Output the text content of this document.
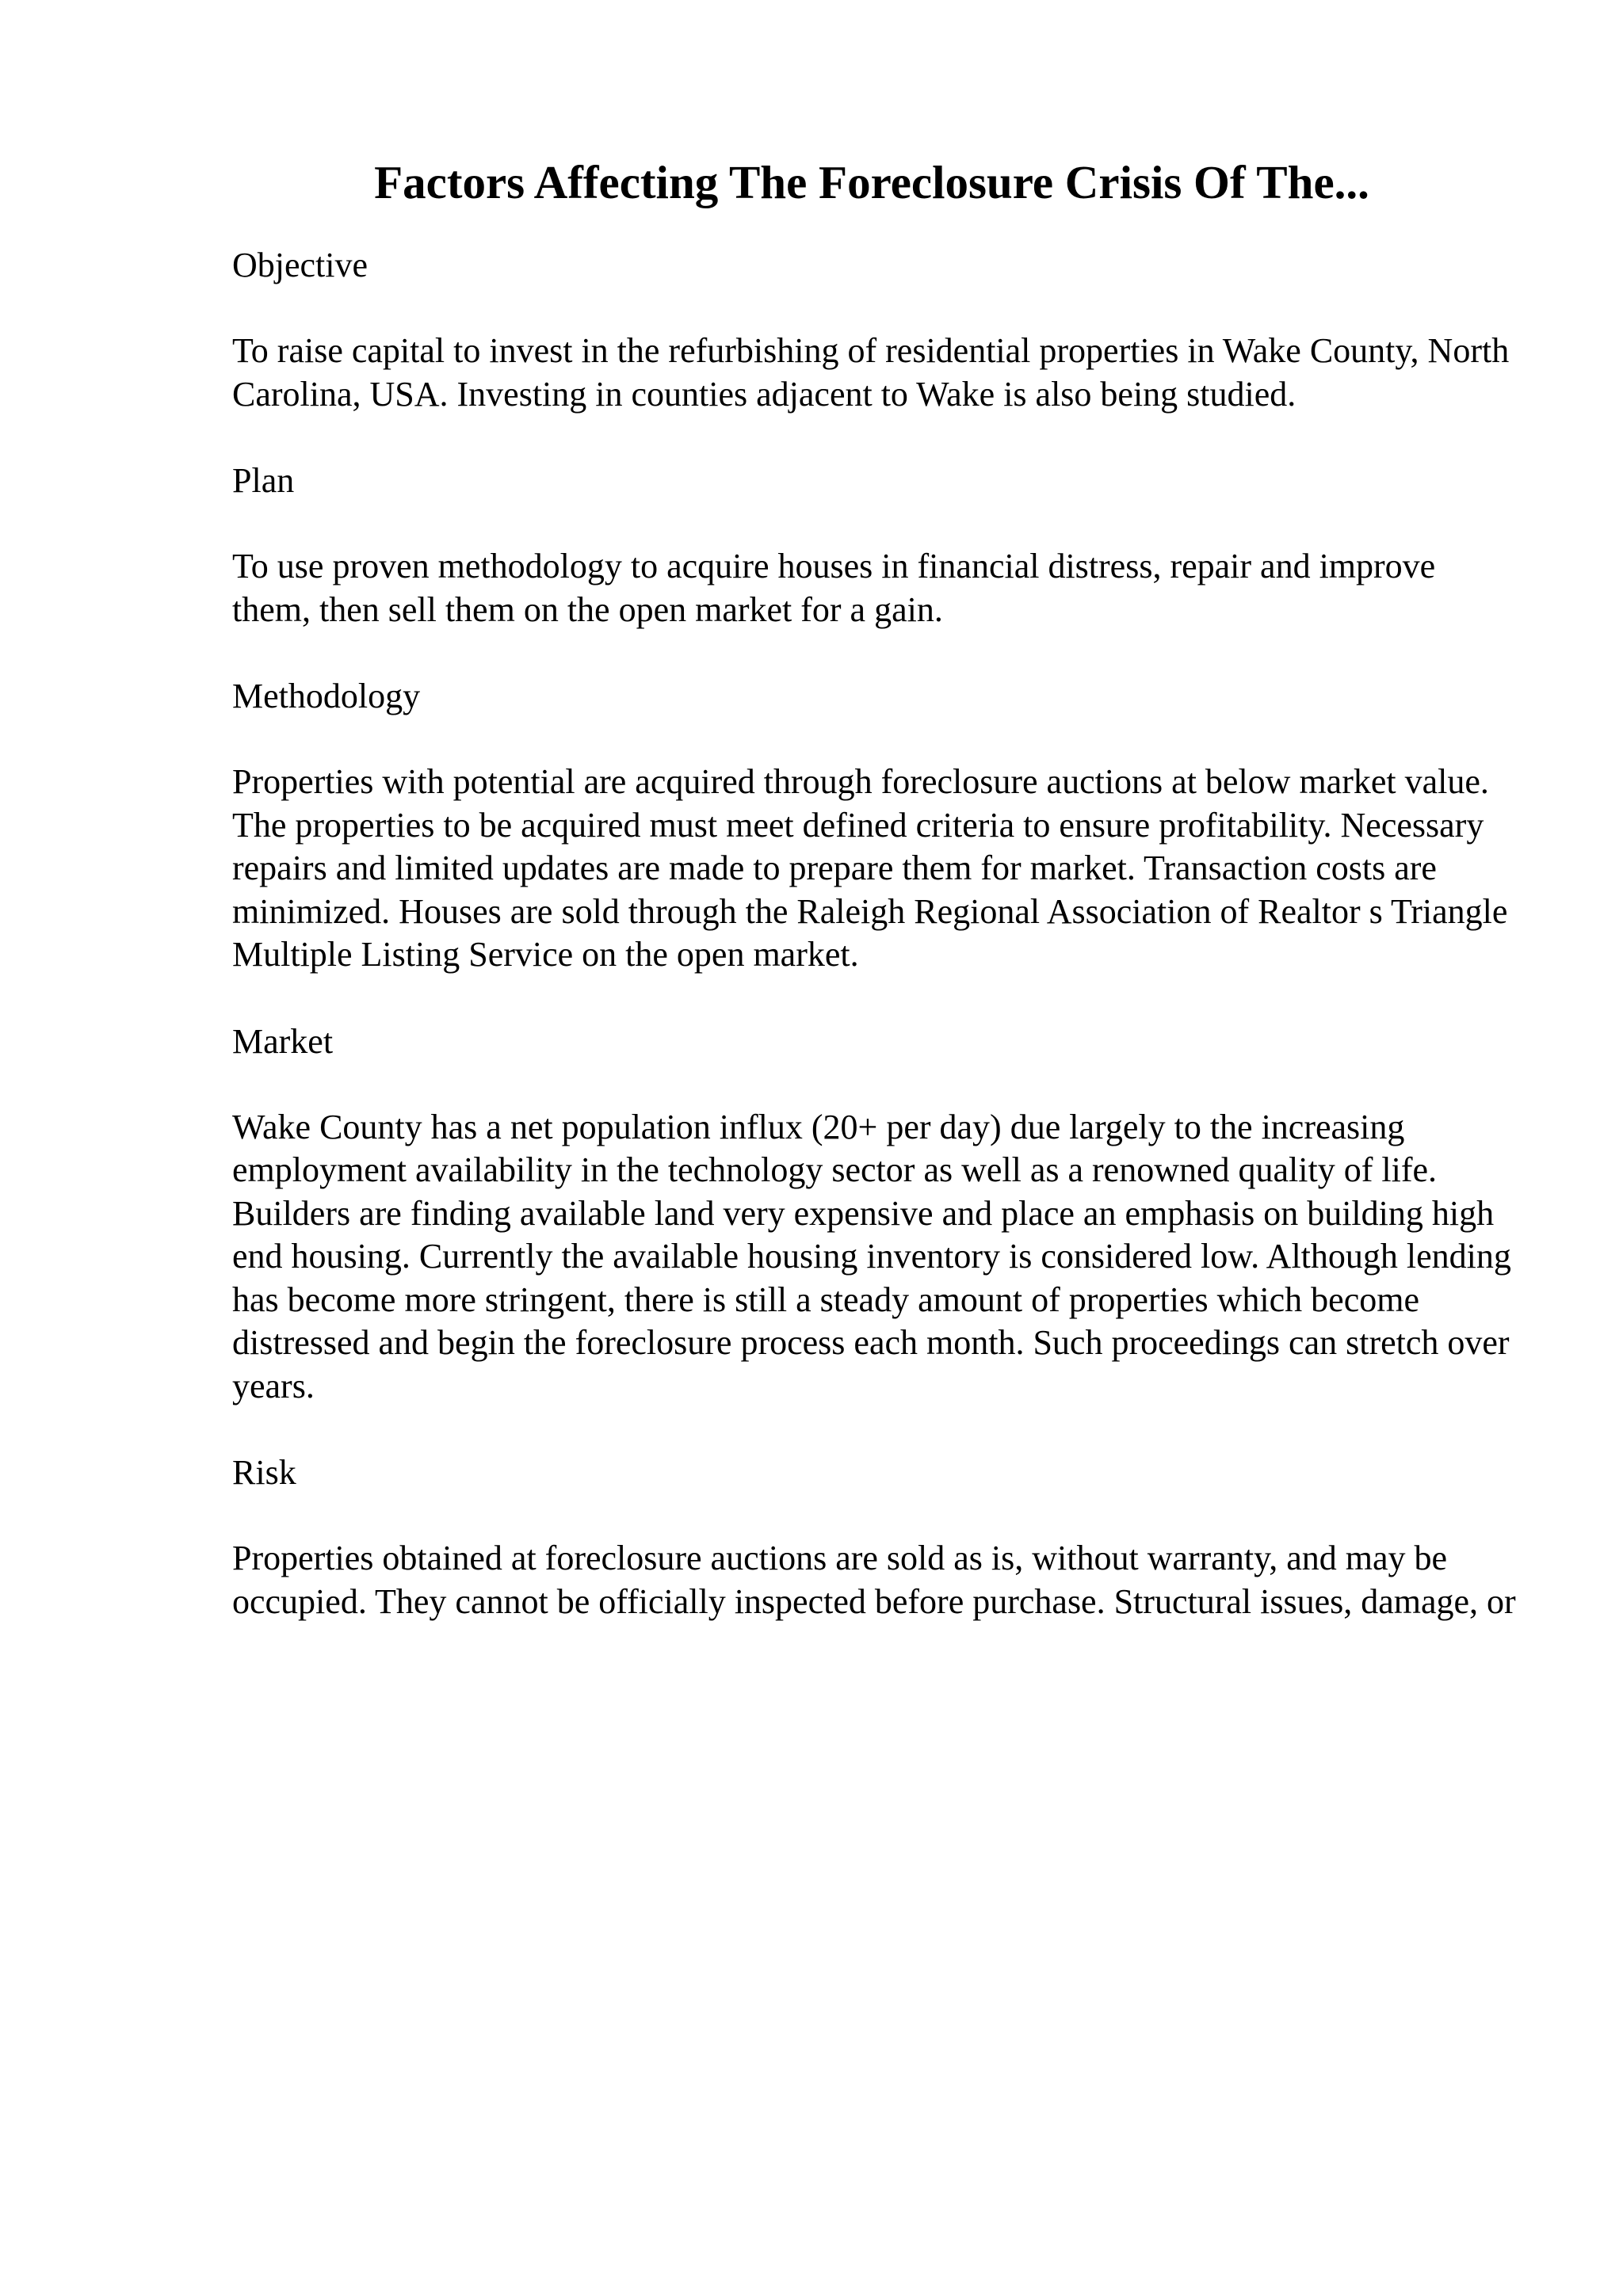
Factors Affecting The Foreclosure Crisis Of The...
Objective

To raise capital to invest in the refurbishing of residential properties in Wake County, North Carolina, USA. Investing in counties adjacent to Wake is also being studied.

Plan

To use proven methodology to acquire houses in financial distress, repair and improve them, then sell them on the open market for a gain.

Methodology

Properties with potential are acquired through foreclosure auctions at below market value. The properties to be acquired must meet defined criteria to ensure profitability. Necessary repairs and limited updates are made to prepare them for market. Transaction costs are minimized. Houses are sold through the Raleigh Regional Association of Realtor s Triangle Multiple Listing Service on the open market.

Market

Wake County has a net population influx (20+ per day) due largely to the increasing employment availability in the technology sector as well as a renowned quality of life. Builders are finding available land very expensive and place an emphasis on building high end housing. Currently the available housing inventory is considered low. Although lending has become more stringent, there is still a steady amount of properties which become distressed and begin the foreclosure process each month. Such proceedings can stretch over years.

Risk

Properties obtained at foreclosure auctions are sold as is, without warranty, and may be occupied. They cannot be officially inspected before purchase. Structural issues, damage, or
